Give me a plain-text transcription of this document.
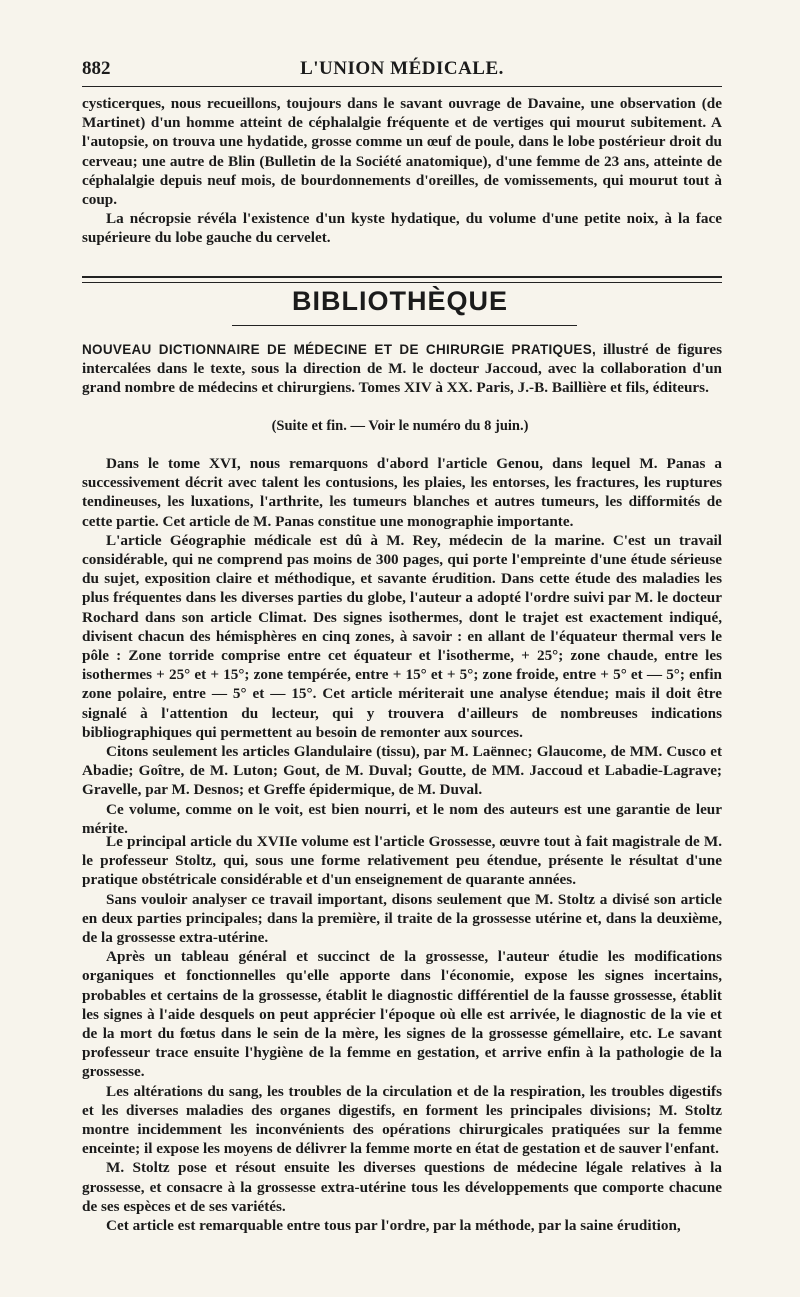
882	L'UNION MÉDICALE.

cysticerques, nous recueillons, toujours dans le savant ouvrage de Davaine, une observation (de Martinet) d'un homme atteint de céphalalgie fréquente et de vertiges qui mourut subitement. A l'autopsie, on trouva une hydatide, grosse comme un œuf de poule, dans le lobe postérieur droit du cerveau; une autre de Blin (Bulletin de la Société anatomique), d'une femme de 23 ans, atteinte de céphalalgie depuis neuf mois, de bourdonnements d'oreilles, de vomissements, qui mourut tout à coup.

La nécropsie révéla l'existence d'un kyste hydatique, du volume d'une petite noix, à la face supérieure du lobe gauche du cervelet.

BIBLIOTHÈQUE
NOUVEAU DICTIONNAIRE DE MÉDECINE ET DE CHIRURGIE PRATIQUES, illustré de figures intercalées dans le texte, sous la direction de M. le docteur Jaccoud, avec la collaboration d'un grand nombre de médecins et chirurgiens. Tomes XIV à XX. Paris, J.-B. Baillière et fils, éditeurs.
(Suite et fin. — Voir le numéro du 8 juin.)

Dans le tome XVI, nous remarquons d'abord l'article Genou, dans lequel M. Panas a successivement décrit avec talent les contusions, les plaies, les entorses, les fractures, les ruptures tendineuses, les luxations, l'arthrite, les tumeurs blanches et autres tumeurs, les difformités de cette partie. Cet article de M. Panas constitue une monographie importante.

L'article Géographie médicale est dû à M. Rey, médecin de la marine. C'est un travail considérable, qui ne comprend pas moins de 300 pages, qui porte l'empreinte d'une étude sérieuse du sujet, exposition claire et méthodique, et savante érudition. Dans cette étude des maladies les plus fréquentes dans les diverses parties du globe, l'auteur a adopté l'ordre suivi par M. le docteur Rochard dans son article Climat. Des signes isothermes, dont le trajet est exactement indiqué, divisent chacun des hémisphères en cinq zones, à savoir : en allant de l'équateur thermal vers le pôle : Zone torride comprise entre cet équateur et l'isotherme, + 25°; zone chaude, entre les isothermes + 25° et + 15°; zone tempérée, entre + 15° et + 5°; zone froide, entre + 5° et — 5°; enfin zone polaire, entre — 5° et — 15°. Cet article mériterait une analyse étendue; mais il doit être signalé à l'attention du lecteur, qui y trouvera d'ailleurs de nombreuses indications bibliographiques qui permettent au besoin de remonter aux sources.

Citons seulement les articles Glandulaire (tissu), par M. Laënnec; Glaucome, de MM. Cusco et Abadie; Goître, de M. Luton; Gout, de M. Duval; Goutte, de MM. Jaccoud et Labadie-Lagrave; Gravelle, par M. Desnos; et Greffe épidermique, de M. Duval.

Ce volume, comme on le voit, est bien nourri, et le nom des auteurs est une garantie de leur mérite.

Le principal article du XVIIe volume est l'article Grossesse, œuvre tout à fait magistrale de M. le professeur Stoltz, qui, sous une forme relativement peu étendue, présente le résultat d'une pratique obstétricale considérable et d'un enseignement de quarante années.

Sans vouloir analyser ce travail important, disons seulement que M. Stoltz a divisé son article en deux parties principales; dans la première, il traite de la grossesse utérine et, dans la deuxième, de la grossesse extra-utérine.

Après un tableau général et succinct de la grossesse, l'auteur étudie les modifications organiques et fonctionnelles qu'elle apporte dans l'économie, expose les signes incertains, probables et certains de la grossesse, établit le diagnostic différentiel de la fausse grossesse, établit les signes à l'aide desquels on peut apprécier l'époque où elle est arrivée, le diagnostic de la vie et de la mort du fœtus dans le sein de la mère, les signes de la grossesse gémellaire, etc. Le savant professeur trace ensuite l'hygiène de la femme en gestation, et arrive enfin à la pathologie de la grossesse.

Les altérations du sang, les troubles de la circulation et de la respiration, les troubles digestifs et les diverses maladies des organes digestifs, en forment les principales divisions; M. Stoltz montre incidemment les inconvénients des opérations chirurgicales pratiquées sur la femme enceinte; il expose les moyens de délivrer la femme morte en état de gestation et de sauver l'enfant.

M. Stoltz pose et résout ensuite les diverses questions de médecine légale relatives à la grossesse, et consacre à la grossesse extra-utérine tous les développements que comporte chacune de ses espèces et de ses variétés.

Cet article est remarquable entre tous par l'ordre, par la méthode, par la saine érudition,
